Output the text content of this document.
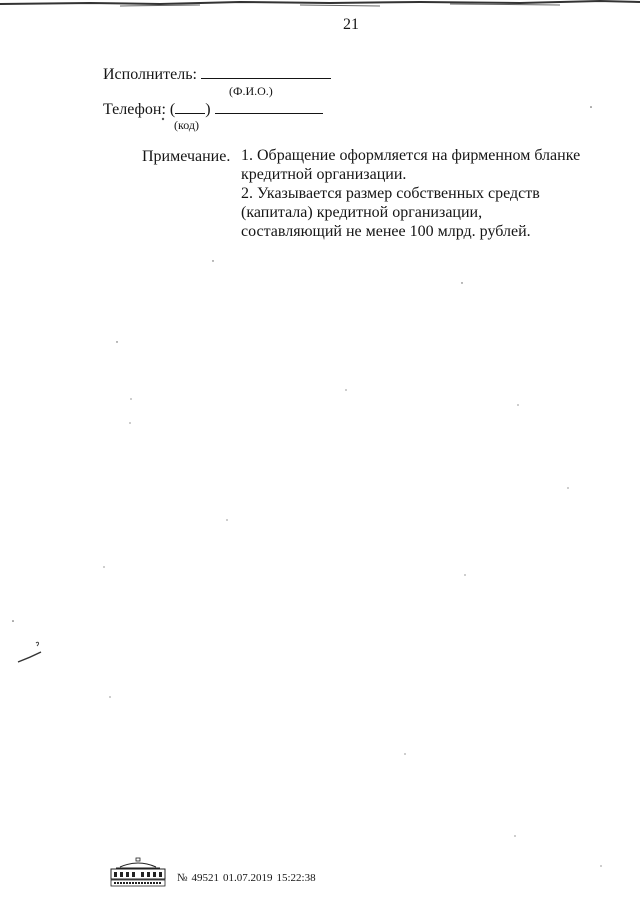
21
Исполнитель:
(Ф.И.О.)
Телефон: ( )
(код)
Примечание. 1. Обращение оформляется на фирменном бланке кредитной организации.
2. Указывается размер собственных средств (капитала) кредитной организации, составляющий не менее 100 млрд. рублей.
№ 49521 01.07.2019 15:22:38
